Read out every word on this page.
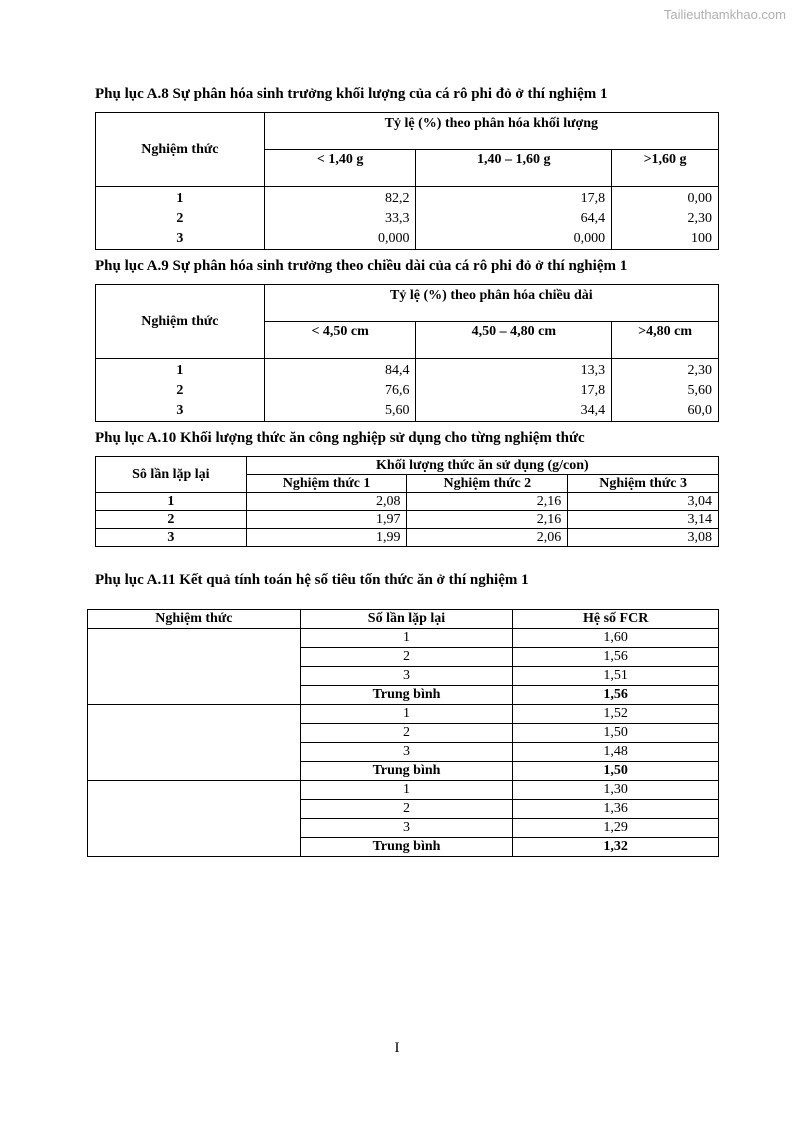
Tailieuthamkhao.com
Phụ lục A.8 Sự phân hóa sinh trưởng khối lượng của cá rô phi đỏ ở thí nghiệm 1
Nghiệm thức	Tỷ lệ (%) theo phân hóa khối lượng		
	< 1,40 g	1,40 – 1,60 g	>1,60 g
1	82,2	17,8	0,00
2	33,3	64,4	2,30
3	0,000	0,000	100
Phụ lục A.9 Sự phân hóa sinh trưởng theo chiều dài của cá rô phi đỏ ở thí nghiệm 1
Nghiệm thức	Tỷ lệ (%) theo phân hóa chiều dài		
	< 4,50 cm	4,50 – 4,80 cm	>4,80 cm
1	84,4	13,3	2,30
2	76,6	17,8	5,60
3	5,60	34,4	60,0
Phụ lục A.10 Khối lượng thức ăn công nghiệp sử dụng cho từng nghiệm thức
Sô lần lặp lại	Khối lượng thức ăn sử dụng (g/con)		
	Nghiệm thức 1	Nghiệm thức 2	Nghiệm thức 3
1	2,08	2,16	3,04
2	1,97	2,16	3,14
3	1,99	2,06	3,08
Phụ lục A.11 Kết quả tính toán hệ số tiêu tốn thức ăn ở thí nghiệm 1
Nghiệm thức	Số lần lặp lại	Hệ số FCR
	1	1,60
	2	1,56
	3	1,51
	Trung bình	1,56
	1	1,52
	2	1,50
	3	1,48
	Trung bình	1,50
	1	1,30
	2	1,36
	3	1,29
	Trung bình	1,32
I
